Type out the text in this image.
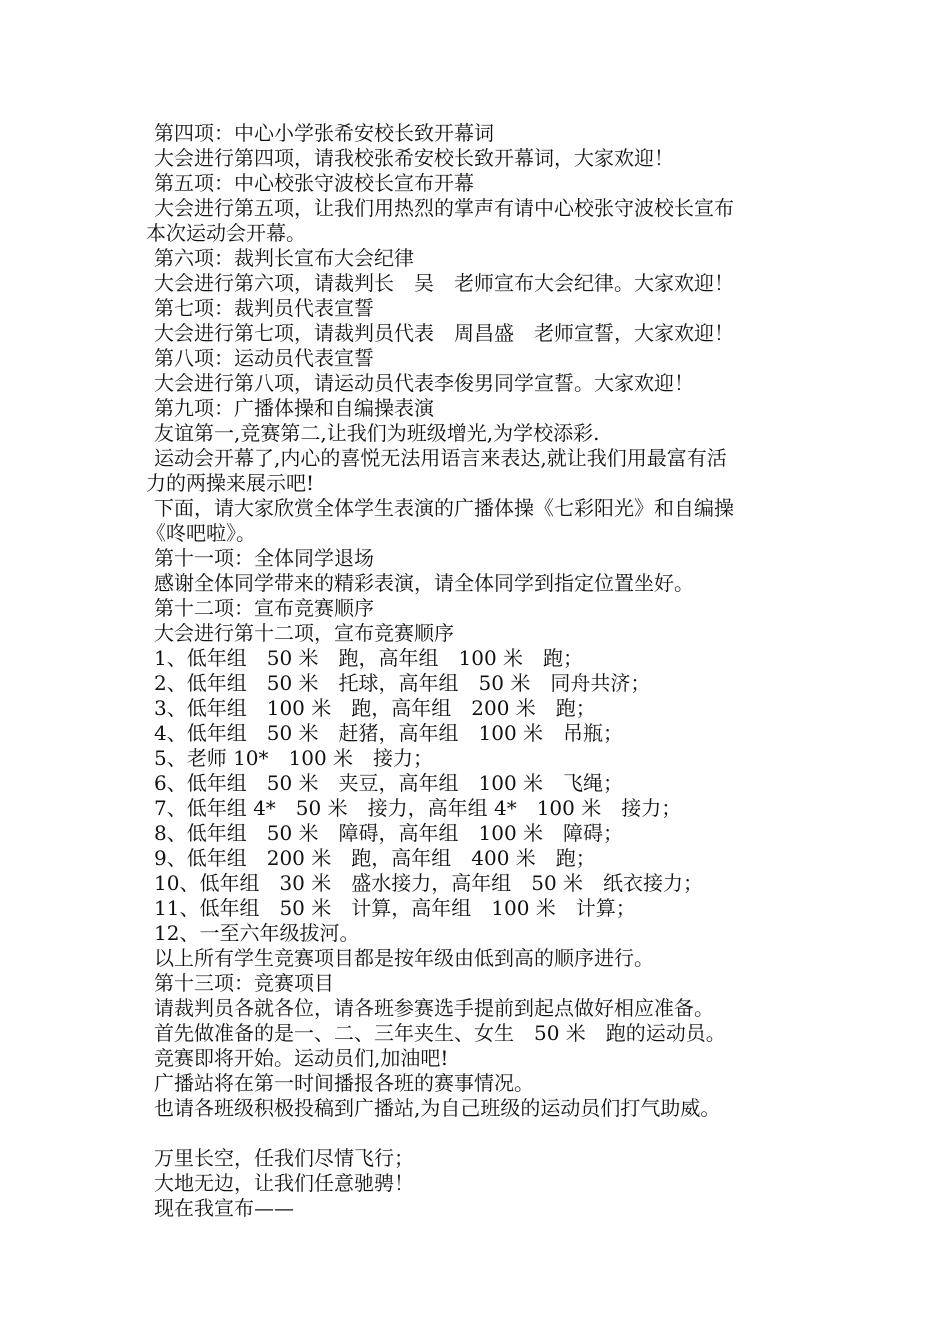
第四项：中心小学张希安校长致开幕词
大会进行第四项，请我校张希安校长致开幕词，大家欢迎！
第五项：中心校张守波校长宣布开幕
大会进行第五项，让我们用热烈的掌声有请中心校张守波校长宣布
本次运动会开幕。
第六项：裁判长宣布大会纪律
大会进行第六项，请裁判长　吴　老师宣布大会纪律。大家欢迎！
第七项：裁判员代表宣誓
大会进行第七项，请裁判员代表　周昌盛　老师宣誓，大家欢迎！
第八项：运动员代表宣誓
大会进行第八项，请运动员代表李俊男同学宣誓。大家欢迎！
第九项：广播体操和自编操表演
友谊第一,竞赛第二,让我们为班级增光,为学校添彩.
运动会开幕了,内心的喜悦无法用语言来表达,就让我们用最富有活
力的两操来展示吧!
下面，请大家欣赏全体学生表演的广播体操《七彩阳光》和自编操
《咚吧啦》。
第十一项：全体同学退场
感谢全体同学带来的精彩表演，请全体同学到指定位置坐好。
第十二项：宣布竞赛顺序
大会进行第十二项，宣布竞赛顺序
1、低年组　50 米　跑，高年组　100 米　跑；
2、低年组　50 米　托球，高年组　50 米　同舟共济；
3、低年组　100 米　跑，高年组　200 米　跑；
4、低年组　50 米　赶猪，高年组　100 米　吊瓶；
5、老师 10*　100 米　接力；
6、低年组　50 米　夹豆，高年组　100 米　飞绳；
7、低年组 4*　50 米　接力，高年组 4*　100 米　接力；
8、低年组　50 米　障碍，高年组　100 米　障碍；
9、低年组　200 米　跑，高年组　400 米　跑；
10、低年组　30 米　盛水接力，高年组　50 米　纸衣接力；
11、低年组　50 米　计算，高年组　100 米　计算；
12、一至六年级拔河。
以上所有学生竞赛项目都是按年级由低到高的顺序进行。
第十三项：竞赛项目
请裁判员各就各位，请各班参赛选手提前到起点做好相应准备。
首先做准备的是一、二、三年夹生、女生　50 米　跑的运动员。
竞赛即将开始。运动员们,加油吧!
广播站将在第一时间播报各班的赛事情况。
也请各班级积极投稿到广播站,为自己班级的运动员们打气助威。
万里长空，任我们尽情飞行；
大地无边，让我们任意驰骋！
现在我宣布——
